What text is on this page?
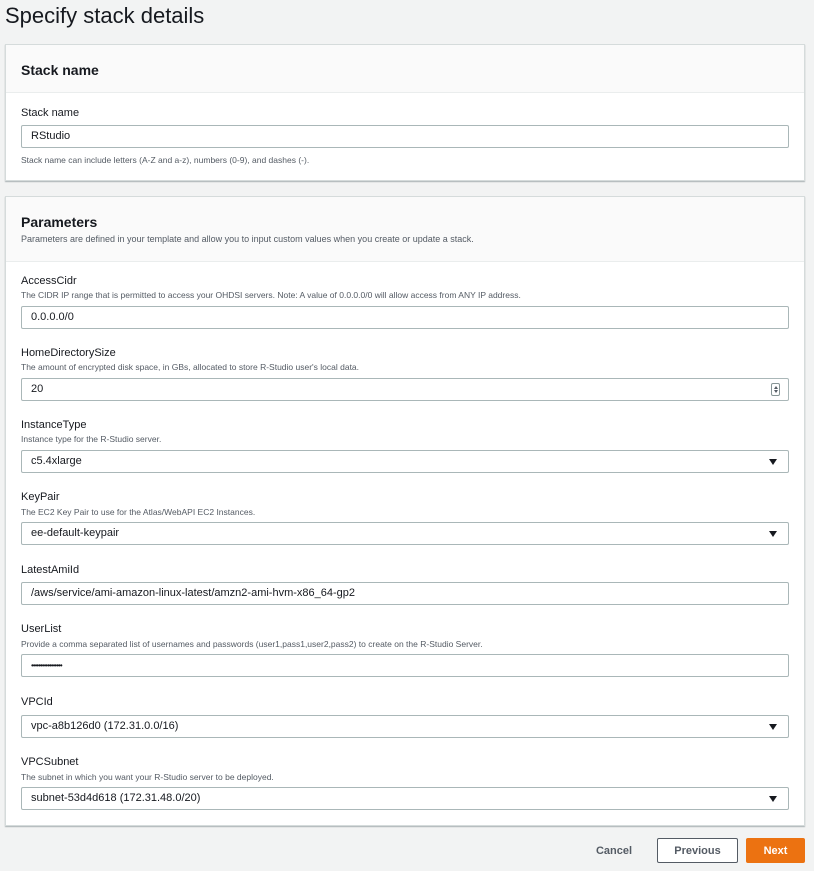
Specify stack details
Stack name
Stack name
RStudio
Stack name can include letters (A-Z and a-z), numbers (0-9), and dashes (-).
Parameters
Parameters are defined in your template and allow you to input custom values when you create or update a stack.
AccessCidr
The CIDR IP range that is permitted to access your OHDSI servers. Note: A value of 0.0.0.0/0 will allow access from ANY IP address.
0.0.0.0/0
HomeDirectorySize
The amount of encrypted disk space, in GBs, allocated to store R-Studio user's local data.
20
InstanceType
Instance type for the R-Studio server.
c5.4xlarge
KeyPair
The EC2 Key Pair to use for the Atlas/WebAPI EC2 Instances.
ee-default-keypair
LatestAmiId
/aws/service/ami-amazon-linux-latest/amzn2-ami-hvm-x86_64-gp2
UserList
Provide a comma separated list of usernames and passwords (user1,pass1,user2,pass2) to create on the R-Studio Server.
•••••••••••••••••
VPCId
vpc-a8b126d0 (172.31.0.0/16)
VPCSubnet
The subnet in which you want your R-Studio server to be deployed.
subnet-53d4d618 (172.31.48.0/20)
Cancel	Previous	Next
